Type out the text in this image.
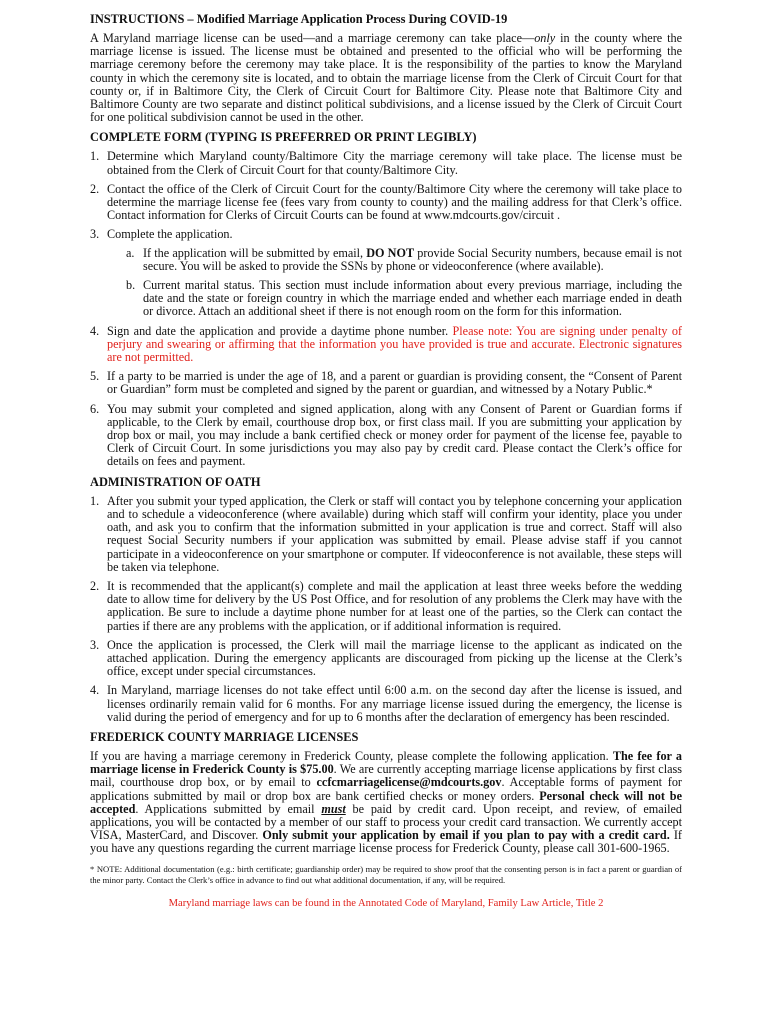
INSTRUCTIONS – Modified Marriage Application Process During COVID-19

A Maryland marriage license can be used—and a marriage ceremony can take place—only in the county where the marriage license is issued. The license must be obtained and presented to the official who will be performing the marriage ceremony before the ceremony may take place. It is the responsibility of the parties to know the Maryland county in which the ceremony site is located, and to obtain the marriage license from the Clerk of Circuit Court for that county or, if in Baltimore City, the Clerk of Circuit Court for Baltimore City. Please note that Baltimore City and Baltimore County are two separate and distinct political subdivisions, and a license issued by the Clerk of Circuit Court for one political subdivision cannot be used in the other.

COMPLETE FORM (TYPING IS PREFERRED OR PRINT LEGIBLY)
1. Determine which Maryland county/Baltimore City the marriage ceremony will take place. The license must be obtained from the Clerk of Circuit Court for that county/Baltimore City.
2. Contact the office of the Clerk of Circuit Court for the county/Baltimore City where the ceremony will take place to determine the marriage license fee (fees vary from county to county) and the mailing address for that Clerk’s office. Contact information for Clerks of Circuit Courts can be found at www.mdcourts.gov/circuit .
3. Complete the application.
a. If the application will be submitted by email, DO NOT provide Social Security numbers, because email is not secure. You will be asked to provide the SSNs by phone or videoconference (where available).
b. Current marital status. This section must include information about every previous marriage, including the date and the state or foreign country in which the marriage ended and whether each marriage ended in death or divorce. Attach an additional sheet if there is not enough room on the form for this information.
4. Sign and date the application and provide a daytime phone number. Please note: You are signing under penalty of perjury and swearing or affirming that the information you have provided is true and accurate. Electronic signatures are not permitted.
5. If a party to be married is under the age of 18, and a parent or guardian is providing consent, the “Consent of Parent or Guardian” form must be completed and signed by the parent or guardian, and witnessed by a Notary Public.*
6. You may submit your completed and signed application, along with any Consent of Parent or Guardian forms if applicable, to the Clerk by email, courthouse drop box, or first class mail. If you are submitting your application by drop box or mail, you may include a bank certified check or money order for payment of the license fee, payable to Clerk of Circuit Court. In some jurisdictions you may also pay by credit card. Please contact the Clerk’s office for details on fees and payment.
ADMINISTRATION OF OATH
1. After you submit your typed application, the Clerk or staff will contact you by telephone concerning your application and to schedule a videoconference (where available) during which staff will confirm your identity, place you under oath, and ask you to confirm that the information submitted in your application is true and correct. Staff will also request Social Security numbers if your application was submitted by email. Please advise staff if you cannot participate in a videoconference on your smartphone or computer. If videoconference is not available, these steps will be taken via telephone.
2. It is recommended that the applicant(s) complete and mail the application at least three weeks before the wedding date to allow time for delivery by the US Post Office, and for resolution of any problems the Clerk may have with the application. Be sure to include a daytime phone number for at least one of the parties, so the Clerk can contact the parties if there are any problems with the application, or if additional information is required.
3. Once the application is processed, the Clerk will mail the marriage license to the applicant as indicated on the attached application. During the emergency applicants are discouraged from picking up the license at the Clerk’s office, except under special circumstances.
4. In Maryland, marriage licenses do not take effect until 6:00 a.m. on the second day after the license is issued, and licenses ordinarily remain valid for 6 months. For any marriage license issued during the emergency, the license is valid during the period of emergency and for up to 6 months after the declaration of emergency has been rescinded.
FREDERICK COUNTY MARRIAGE LICENSES

If you are having a marriage ceremony in Frederick County, please complete the following application. The fee for a marriage license in Frederick County is $75.00. We are currently accepting marriage license applications by first class mail, courthouse drop box, or by email to ccfcmarriagelicense@mdcourts.gov. Acceptable forms of payment for applications submitted by mail or drop box are bank certified checks or money orders. Personal check will not be accepted. Applications submitted by email must be paid by credit card. Upon receipt, and review, of emailed applications, you will be contacted by a member of our staff to process your credit card transaction. We currently accept VISA, MasterCard, and Discover. Only submit your application by email if you plan to pay with a credit card. If you have any questions regarding the current marriage license process for Frederick County, please call 301-600-1965.

* NOTE: Additional documentation (e.g.: birth certificate; guardianship order) may be required to show proof that the consenting person is in fact a parent or guardian of the minor party. Contact the Clerk’s office in advance to find out what additional documentation, if any, will be required.

Maryland marriage laws can be found in the Annotated Code of Maryland, Family Law Article, Title 2
